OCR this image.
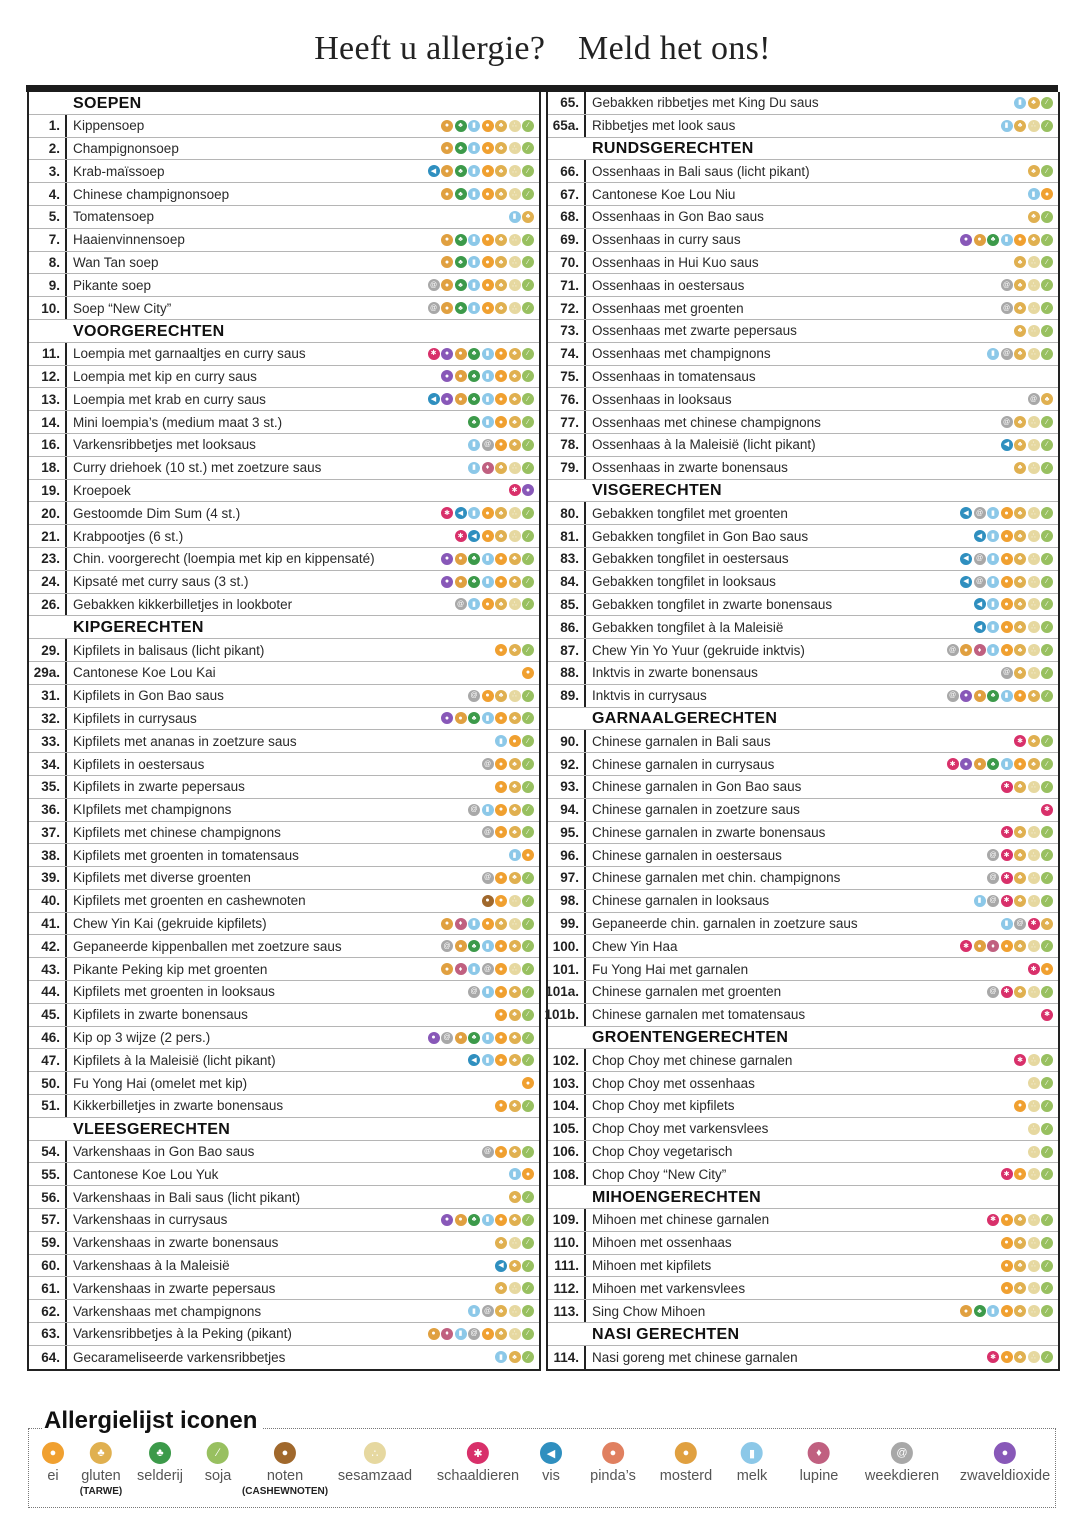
Heeft u allergie? Meld het ons!
SOEPEN
1. Kippensoep	●	♣	▮	●	♣	∴	∕
2. Champignonsoep	●	♣	▮	●	♣	∴	∕
3. Krab-maïssoep	◀	●	♣	▮	●	♣	∴	∕
4. Chinese champignonsoep	●	♣	▮	●	♣	∴	∕
5. Tomatensoep	▮	♣
7. Haaienvinnensoep	●	♣	▮	●	♣	∴	∕
8. Wan Tan soep	●	♣	▮	●	♣	∴	∕
9. Pikante soep	@	●	♣	▮	●	♣	∴	∕
10. Soep “New City”	@	●	♣	▮	●	♣	∴	∕
VOORGERECHTEN
11. Loempia met garnaaltjes en curry saus	✱	●	●	♣	▮	●	♣	∕
12. Loempia met kip en curry saus	●	●	♣	▮	●	♣	∕
13. Loempia met krab en curry saus	◀	●	●	♣	▮	●	♣	∕
14. Mini loempia’s (medium maat 3 st.)	♣	▮	●	♣	∕
16. Varkensribbetjes met looksaus	▮	@	●	♣	∕
18. Curry driehoek (10 st.) met zoetzure saus	▮	♦	♣	∴	∕
19. Kroepoek	✱	●
20. Gestoomde Dim Sum (4 st.)	✱	◀	▮	●	♣	∴	∕
21. Krabpootjes (6 st.)	✱	◀	●	♣	∴	∕
23. Chin. voorgerecht (loempia met kip en kippensaté)	●	●	♣	▮	●	♣	∕
24. Kipsaté met curry saus (3 st.)	●	●	♣	▮	●	♣	∕
26. Gebakken kikkerbilletjes in lookboter	@	▮	●	♣	∴	∕
KIPGERECHTEN
29. Kipfilets in balisaus (licht pikant)	●	♣	∕
29a. Cantonese Koe Lou Kai	●
31. Kipfilets in Gon Bao saus	@	●	♣	∴	∕
32. Kipfilets in currysaus	●	●	♣	▮	●	♣	∕
33. Kipfilets met ananas in zoetzure saus	▮	●	∕
34. Kipfilets in oestersaus	@	●	♣	∕
35. Kipfilets in zwarte pepersaus	●	♣	∕
36. KIpfilets met champignons	@	▮	●	♣	∕
37. Kipfilets met chinese champignons	@	●	♣	∕
38. Kipfilets met groenten in tomatensaus	▮	●
39. Kipfilets met diverse groenten	@	●	♣	∕
40. Kipfilets met groenten en cashewnoten	●	●	∴	∕
41. Chew Yin Kai (gekruide kipfilets)	●	♦	▮	●	♣	∴	∕
42. Gepaneerde kippenballen met zoetzure saus	@	●	♣	▮	●	♣	∕
43. Pikante Peking kip met groenten	●	♦	▮	@	●	∴	∕
44. Kipfilets met groenten in looksaus	@	▮	●	♣	∕
45. Kipfilets in zwarte bonensaus	●	♣	∕
46. Kip op 3 wijze (2 pers.)	●	@	●	♣	▮	●	♣	∕
47. Kipfilets à la Maleisië (licht pikant)	◀	▮	●	♣	∕
50. Fu Yong Hai (omelet met kip)	●
51. Kikkerbilletjes in zwarte bonensaus	●	♣	∕
VLEESGERECHTEN
54. Varkenshaas in Gon Bao saus	@	●	♣	∕
55. Cantonese Koe Lou Yuk	▮	●
56. Varkenshaas in Bali saus (licht pikant)	♣	∕
57. Varkenshaas in currysaus	●	●	♣	▮	●	♣	∕
59. Varkenshaas in zwarte bonensaus	♣	∴	∕
60. Varkenshaas à la Maleisië	◀	♣	∕
61. Varkenshaas in zwarte pepersaus	♣	∴	∕
62. Varkenshaas met champignons	▮	@	♣	∴	∕
63. Varkensribbetjes à la Peking (pikant)	●	♦	▮	@	●	♣	∴	∕
64. Gecarameliseerde varkensribbetjes	▮	♣	∕
65. Gebakken ribbetjes met King Du saus	▮	♣	∕
65a. Ribbetjes met look saus	▮	♣	∴	∕
RUNDSGERECHTEN
66. Ossenhaas in Bali saus (licht pikant)	♣	∕
67. Cantonese Koe Lou Niu	▮	●
68. Ossenhaas in Gon Bao saus	♣	∕
69. Ossenhaas in curry saus	●	●	♣	▮	●	♣	∕
70. Ossenhaas in Hui Kuo saus	♣	∴	∕
71. Ossenhaas in oestersaus	@	♣	∴	∕
72. Ossenhaas met groenten	@	♣	∴	∕
73. Ossenhaas met zwarte pepersaus	♣	∴	∕
74. Ossenhaas met champignons	▮	@	♣	∴	∕
75. Ossenhaas in tomatensaus
76. Ossenhaas in looksaus	@	♣
77. Ossenhaas met chinese champignons	@	♣	∴	∕
78. Ossenhaas à la Maleisië (licht pikant)	◀	♣	∴	∕
79. Ossenhaas in zwarte bonensaus	♣	∴	∕
VISGERECHTEN
80. Gebakken tongfilet met groenten	◀	@	▮	●	♣	∴	∕
81. Gebakken tongfilet in Gon Bao saus	◀	▮	●	♣	∴	∕
83. Gebakken tongfilet in oestersaus	◀	@	▮	●	♣	∴	∕
84. Gebakken tongfilet in looksaus	◀	@	▮	●	♣	∴	∕
85. Gebakken tongfilet in zwarte bonensaus	◀	▮	●	♣	∴	∕
86. Gebakken tongfilet à la Maleisië	◀	▮	●	♣	∴	∕
87. Chew Yin Yo Yuur (gekruide inktvis)	@	●	♦	▮	●	♣	∴	∕
88. Inktvis in zwarte bonensaus	@	♣	∴	∕
89. Inktvis in currysaus	@	●	●	♣	▮	●	♣	∕
GARNAALGERECHTEN
90. Chinese garnalen in Bali saus	✱	♣	∕
92. Chinese garnalen in currysaus	✱	●	●	♣	▮	●	♣	∕
93. Chinese garnalen in Gon Bao saus	✱	♣	∴	∕
94. Chinese garnalen in zoetzure saus	✱
95. Chinese garnalen in zwarte bonensaus	✱	♣	∴	∕
96. Chinese garnalen in oestersaus	@	✱	♣	∴	∕
97. Chinese garnalen met chin. champignons	@	✱	♣	∴	∕
98. Chinese garnalen in looksaus	▮	@	✱	♣	∴	∕
99. Gepaneerde chin. garnalen in zoetzure saus	▮	@	✱	♣
100. Chew Yin Haa	✱	●	♦	●	♣	∴	∕
101. Fu Yong Hai met garnalen	✱	●
101a. Chinese garnalen met groenten	@	✱	♣	∴	∕
101b. Chinese garnalen met tomatensaus	✱
GROENTENGERECHTEN
102. Chop Choy met chinese garnalen	✱	∴	∕
103. Chop Choy met ossenhaas	∴	∕
104. Chop Choy met kipfilets	●	∴	∕
105. Chop Choy met varkensvlees	∴	∕
106. Chop Choy vegetarisch	∴	∕
108. Chop Choy “New City”	✱	●	∴	∕
MIHOENGERECHTEN
109. Mihoen met chinese garnalen	✱	●	♣	∴	∕
110. Mihoen met ossenhaas	●	♣	∴	∕
111. Mihoen met kipfilets	●	♣	∴	∕
112. Mihoen met varkensvlees	●	♣	∴	∕
113. Sing Chow Mihoen	●	♣	▮	●	♣	∴	∕
NASI GERECHTEN
114. Nasi goreng met chinese garnalen	✱	●	♣	∴	∕
Allergielijst iconen
●
ei
♣
gluten
(TARWE)
♣
selderij
∕
soja
●
noten
(CASHEWNOTEN)
∴
sesamzaad
✱
schaaldieren
◀
vis
●
pinda’s
●
mosterd
▮
melk
♦
lupine
@
weekdieren
●
zwaveldioxide
